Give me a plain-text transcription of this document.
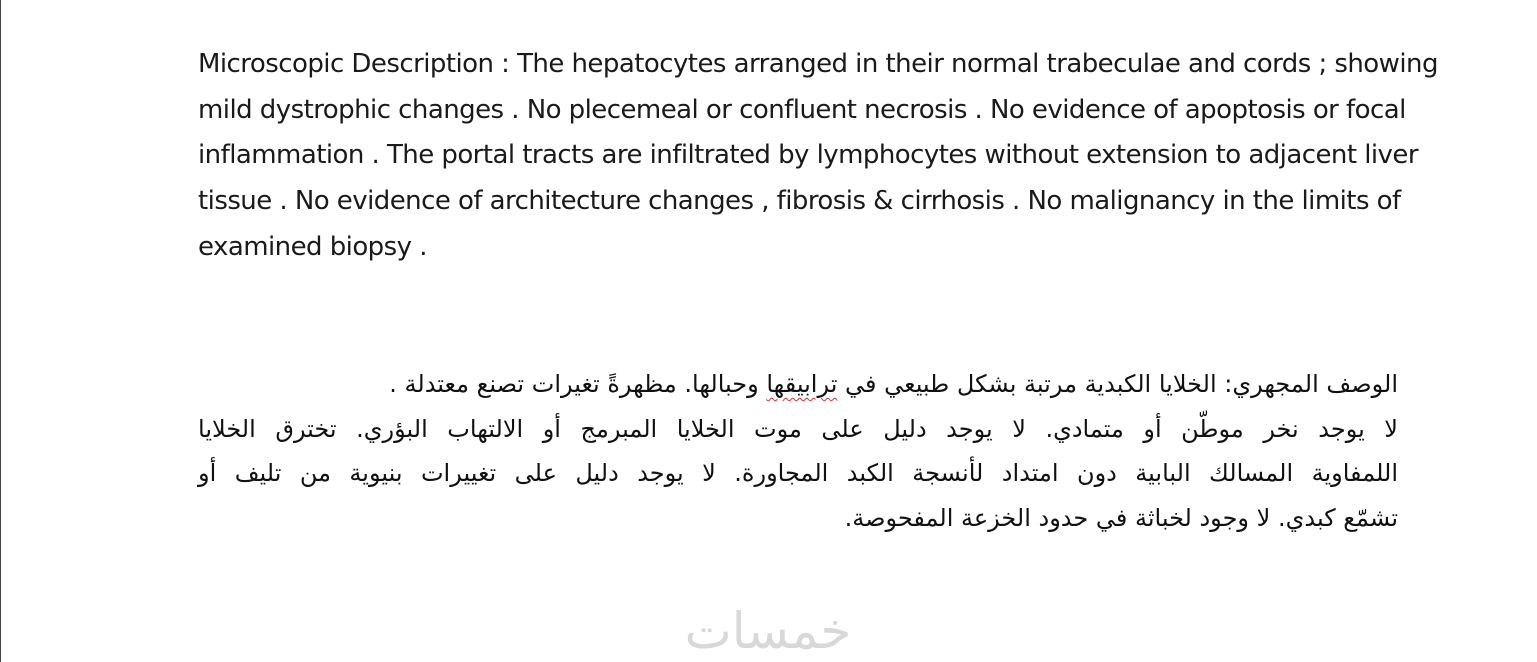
Microscopic Description : The hepatocytes arranged in their normal trabeculae and cords ; showing mild dystrophic changes . No plecemeal or confluent necrosis . No evidence of apoptosis or focal inflammation . The portal tracts are infiltrated by lymphocytes without extension to adjacent liver tissue . No evidence of architecture changes , fibrosis & cirrhosis . No malignancy in the limits of examined biopsy .

الوصف المجهري: الخلايا الكبدية مرتبة بشكل طبيعي في ترابيقها وحبالها. مظهرةً تغيرات تصنع معتدلة .
لا يوجد نخر موطّن أو متمادي. لا يوجد دليل على موت الخلايا المبرمج أو الالتهاب البؤري. تخترق الخلايا
اللمفاوية المسالك البابية دون امتداد لأنسجة الكبد المجاورة. لا يوجد دليل على تغييرات بنيوية من تليف أو
تشمّع كبدي. لا وجود لخباثة في حدود الخزعة المفحوصة.
خمسات
